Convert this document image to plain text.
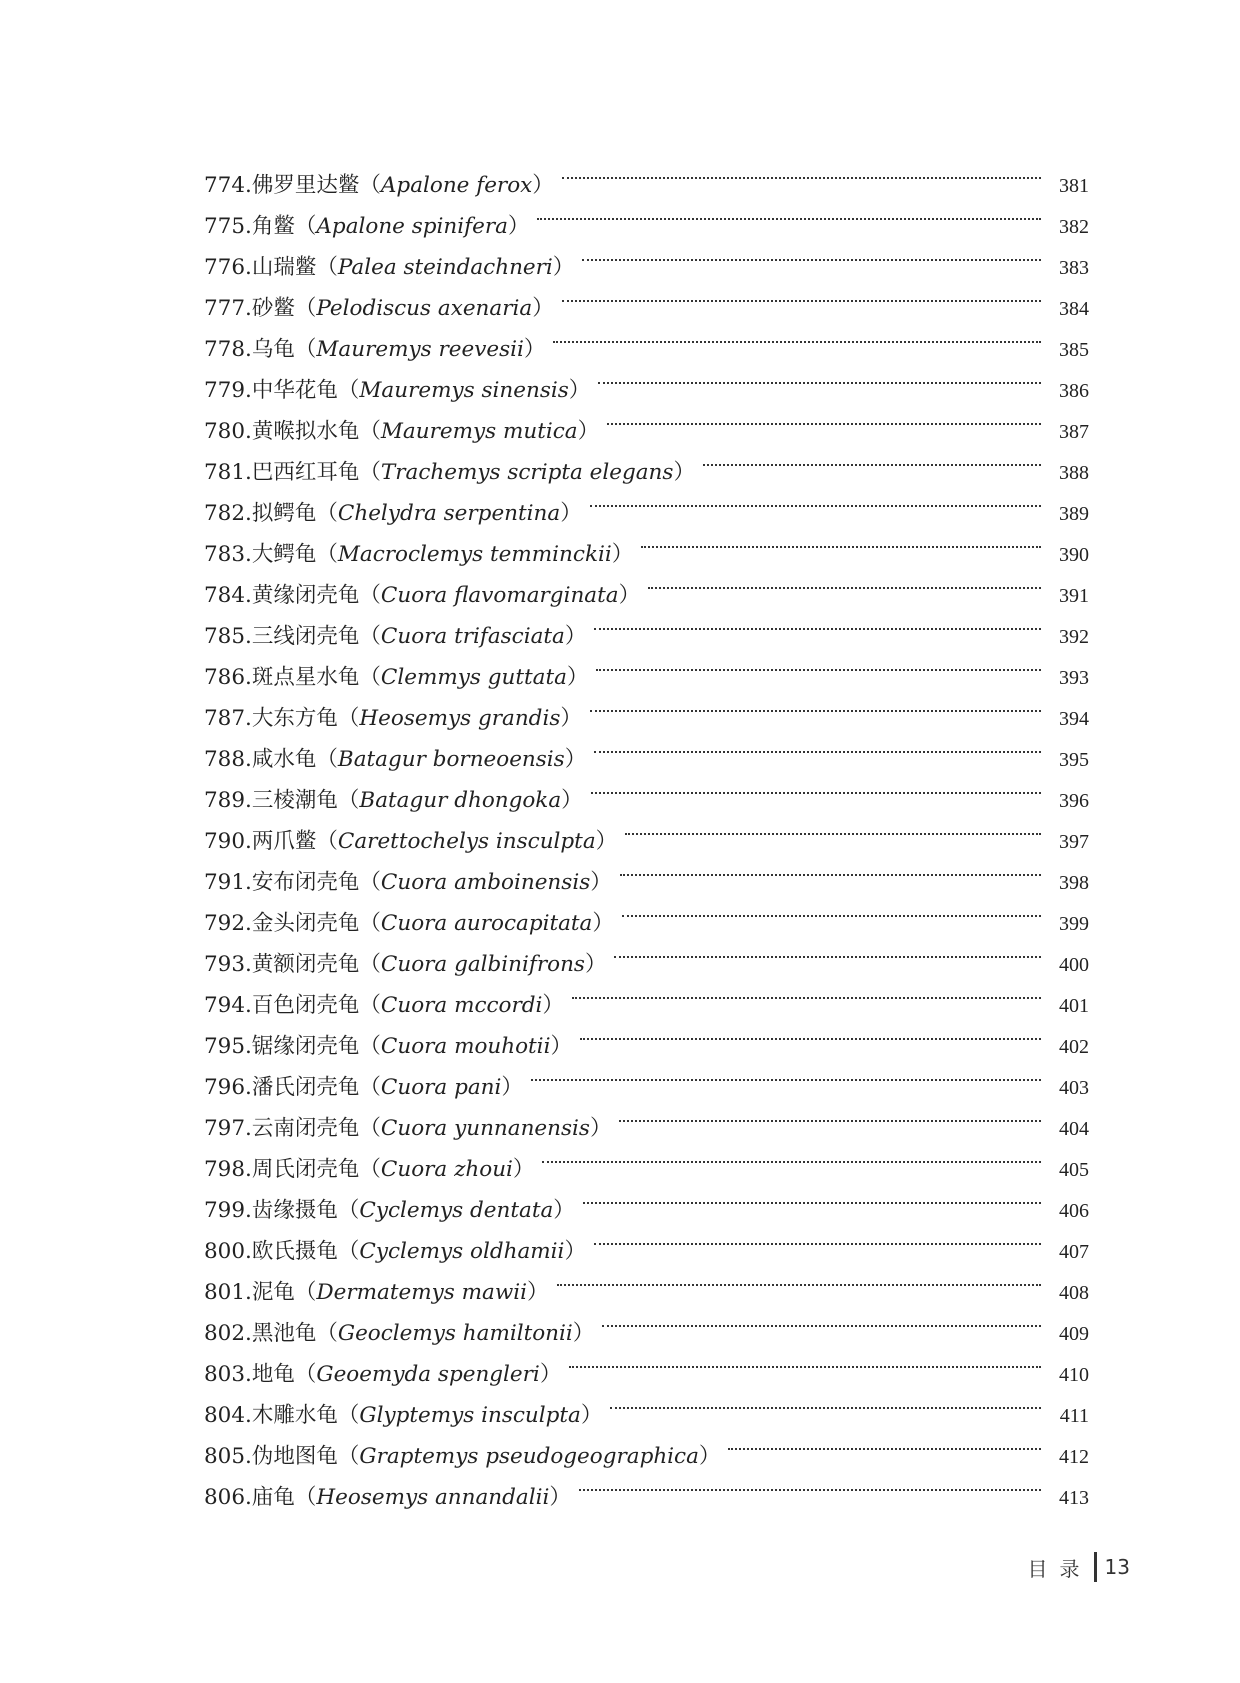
774. 佛罗里达鳖 （ Apalone ferox ）	381
775. 角鳖 （ Apalone spinifera ）	382
776. 山瑞鳖 （ Palea steindachneri ）	383
777. 砂鳖 （ Pelodiscus axenaria ）	384
778. 乌龟 （ Mauremys reevesii ）	385
779. 中华花龟 （ Mauremys sinensis ）	386
780. 黄喉拟水龟 （ Mauremys mutica ）	387
781. 巴西红耳龟 （ Trachemys scripta elegans ）	388
782. 拟鳄龟 （ Chelydra serpentina ）	389
783. 大鳄龟 （ Macroclemys temminckii ）	390
784. 黄缘闭壳龟 （ Cuora flavomarginata ）	391
785. 三线闭壳龟 （ Cuora trifasciata ）	392
786. 斑点星水龟 （ Clemmys guttata ）	393
787. 大东方龟 （ Heosemys grandis ）	394
788. 咸水龟 （ Batagur borneoensis ）	395
789. 三棱潮龟 （ Batagur dhongoka ）	396
790. 两爪鳖 （ Carettochelys insculpta ）	397
791. 安布闭壳龟 （ Cuora amboinensis ）	398
792. 金头闭壳龟 （ Cuora aurocapitata ）	399
793. 黄额闭壳龟 （ Cuora galbinifrons ）	400
794. 百色闭壳龟 （ Cuora mccordi ）	401
795. 锯缘闭壳龟 （ Cuora mouhotii ）	402
796. 潘氏闭壳龟 （ Cuora pani ）	403
797. 云南闭壳龟 （ Cuora yunnanensis ）	404
798. 周氏闭壳龟 （ Cuora zhoui ）	405
799. 齿缘摄龟 （ Cyclemys dentata ）	406
800. 欧氏摄龟 （ Cyclemys oldhamii ）	407
801. 泥龟 （ Dermatemys mawii ）	408
802. 黑池龟 （ Geoclemys hamiltonii ）	409
803. 地龟 （ Geoemyda spengleri ）	410
804. 木雕水龟 （ Glyptemys insculpta ）	411
805. 伪地图龟 （ Graptemys pseudogeographica ）	412
806. 庙龟 （ Heosemys annandalii ）	413
目录 13
